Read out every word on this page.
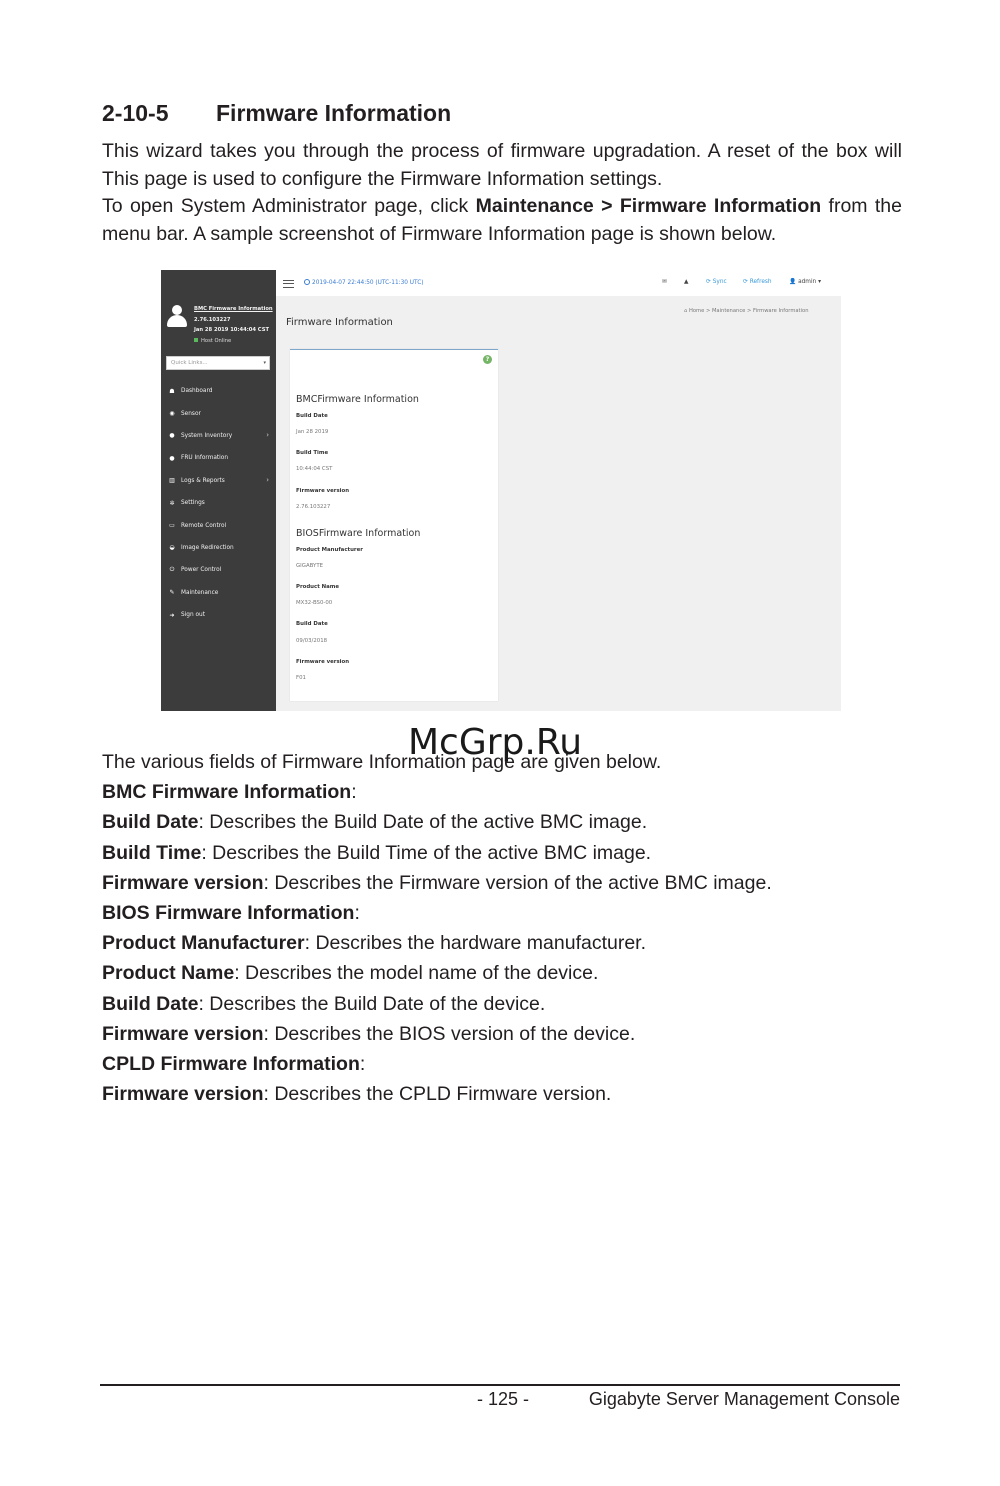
2-10-5	Firmware Information

This wizard takes you through the process of firmware upgradation. A reset of the box will This page is used to configure the Firmware Information settings.

To open System Administrator page, click Maintenance > Firmware Information from the menu bar. A sample screenshot of Firmware Information page is shown below.

BMC Firmware Information
2.76.103227
Jan 28 2019 10:44:04 CST
Host Online
Quick Links...	▾
☗ Dashboard
◉ Sensor
● System Inventory	›
● FRU Information
▥ Logs & Reports	›
✲ Settings
▭ Remote Control
◒ Image Redirection
⏻ Power Control
✎ Maintenance
➜ Sign out
2019-04-07 22:44:50 (UTC-11:30 UTC)	✉	▲	⟳ Sync	⟳ Refresh	👤 admin ▾
Firmware Information
⌂ Home > Maintenance > Firmware Information
?
BMCFirmware Information
Build Date
Jan 28 2019
Build Time
10:44:04 CST
Firmware version
2.76.103227
BIOSFirmware Information
Product Manufacturer
GIGABYTE
Product Name
MX32-BS0-00
Build Date
09/03/2018
Firmware version
F01
The various fields of Firmware Information page are given below.
BMC Firmware Information:
Build Date: Describes the Build Date of the active BMC image.
Build Time: Describes the Build Time of the active BMC image.
Firmware version: Describes the Firmware version of the active BMC image.
BIOS Firmware Information:
Product Manufacturer: Describes the hardware manufacturer.
Product Name: Describes the model name of the device.
Build Date: Describes the Build Date of the device.
Firmware version: Describes the BIOS version of the device.
CPLD Firmware Information:
Firmware version: Describes the CPLD Firmware version.
McGrp.Ru
- 125 -	Gigabyte Server Management Console
